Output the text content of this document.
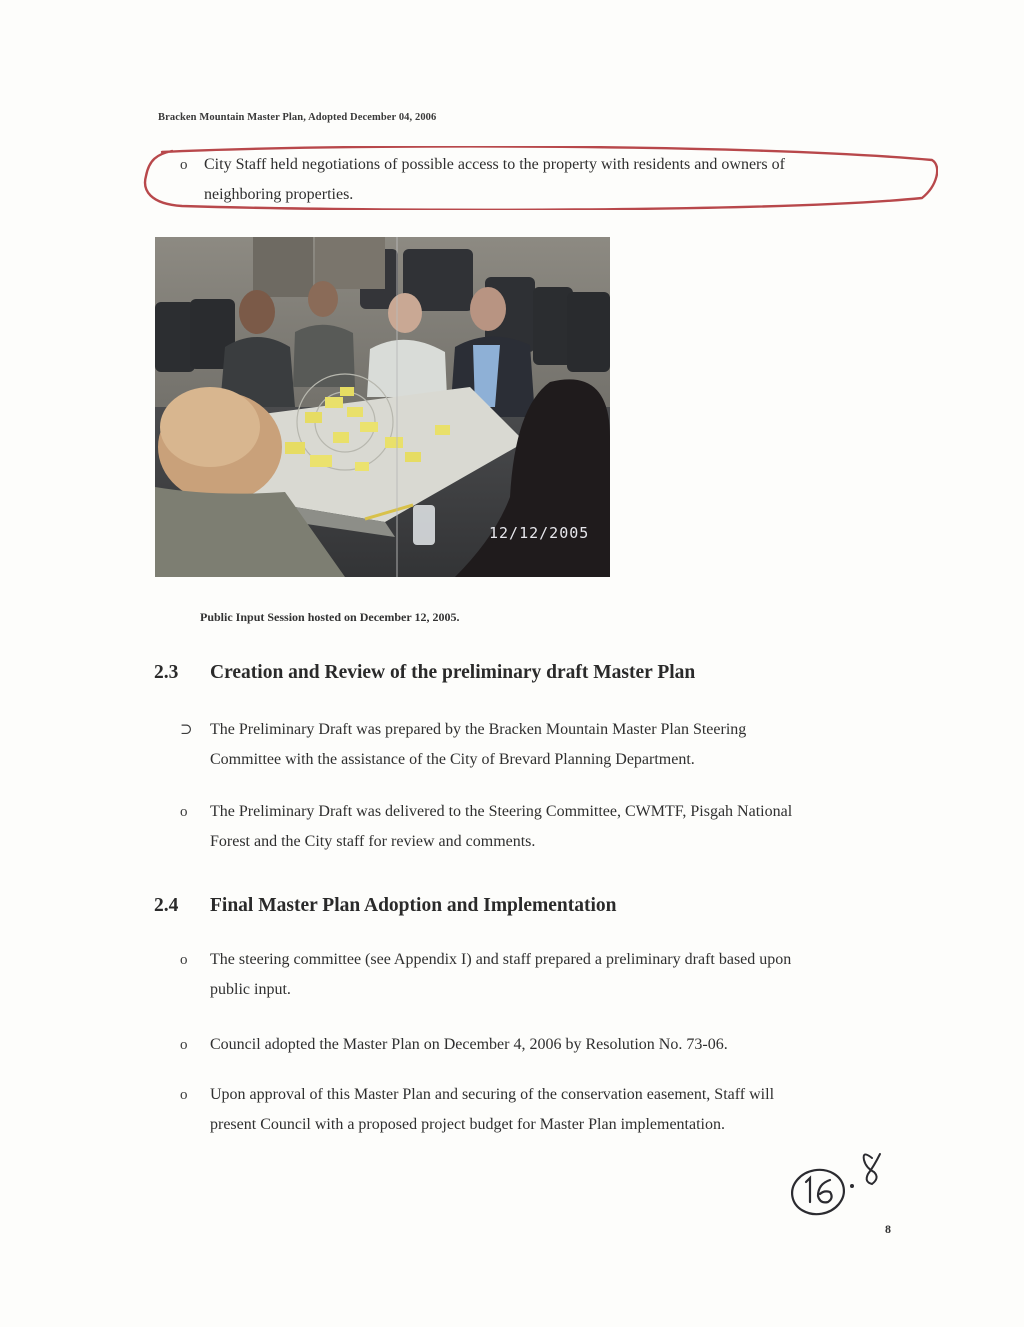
Bracken Mountain Master Plan, Adopted December 04, 2006
o	City Staff held negotiations of possible access to the property with residents and owners of
neighboring properties.
12/12/2005
Public Input Session hosted on December 12, 2005.
2.3	Creation and Review of the preliminary draft Master Plan
⊃	The Preliminary Draft was prepared by the Bracken Mountain Master Plan Steering
Committee with the assistance of the City of Brevard Planning Department.
o	The Preliminary Draft was delivered to the Steering Committee, CWMTF, Pisgah National
Forest and the City staff for review and comments.
2.4	Final Master Plan Adoption and Implementation
o	The steering committee (see Appendix I) and staff prepared a preliminary draft based upon
public input.
o	Council adopted the Master Plan on December 4, 2006 by Resolution No. 73-06.
o	Upon approval of this Master Plan and securing of the conservation easement, Staff will
present Council with a proposed project budget for Master Plan implementation.
8
